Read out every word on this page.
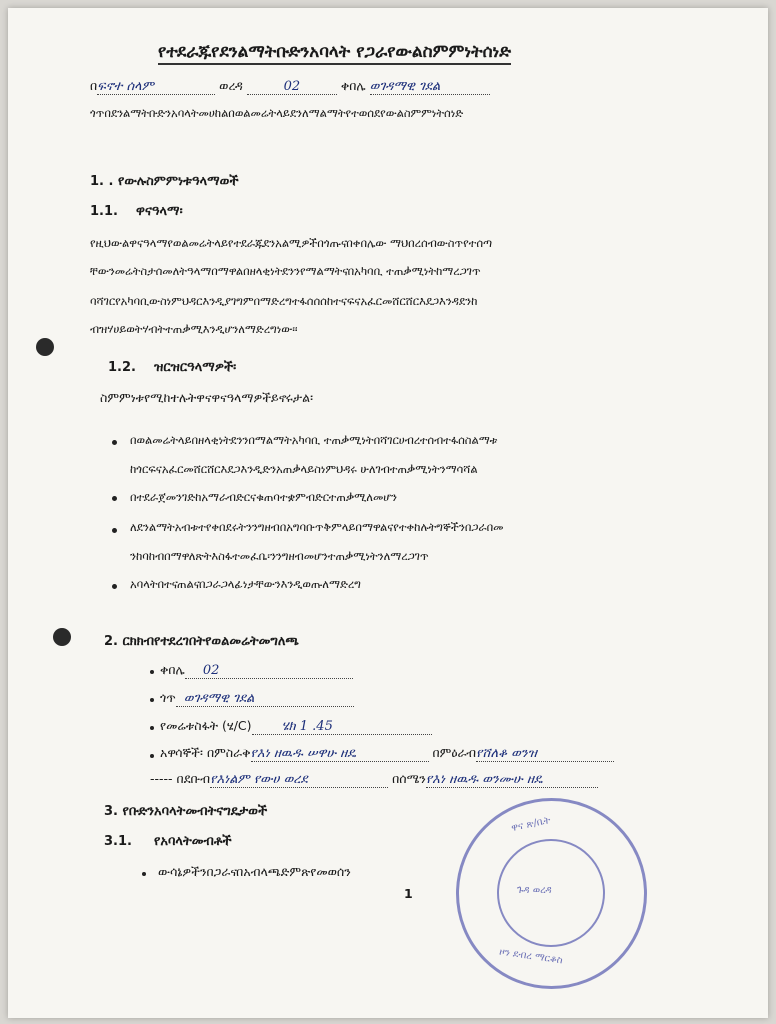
የተደራጁየደንልማትቡድንአባላት የጋራየውልስምምነትሰነድ
በፍኖተ ሰላም	ወረዳ	02	ቀበሌ ወገዳማዊ ገደል
ጎጥበደንልማትቡድንአባላትመሀከልበወልመሬትላይደንለማልማትየተወሰደየውልስምምነትሰነድ
1. . የውሉስምምነቱዓላማወች
1.1. ዋናዓላማ፡
የዚህውልዋናዓላማየወልመሬትላይየተደራጁደንአልሚዎችበጎጡናበቀበሌው ማህበረሰብውስጥየተሰጣ
ቸውንመሬትስታሰመለትዓላማበማዋልበዘላቂነትደንንየማልማትናበአካባቢ ተጠቃሚነትከማረጋገጥ
ባሻገርየአካባቢውስነምህዳርእንዲያገግምበማድረግተፋሰሰሰከተናፍናአፈርመሸርሸርእደጋእንዳደንከ
ብዝሃሀይወትሃብትተጠቃሚእንዲሆንለማድረግነው፡፡
1.2. ዝርዝርዓላማዎች፡
ስምምነቱየሚከተሉትዋናዋናዓላማዎችይኖሩታል፡
በወልመሬትላይበዘላቂነትደንንበማልማትአካባቢ ተጠቃሚነትበሻገርሀብረተሰብተፋሰስልማቱ
ከጎርፍናአፈርመሸርሸርእደጋእንዲድንአጠቃላይስነምህዳሩ ሁለገብተጠቃሚነትንማሳሻል
በተደራጀመንገድከአማራብድርናቁጠባተቋምብድርተጠቃሚለመሆን
ለደንልማትአብቱተየቀበደሩትንንግዘብበአግባቡጥቅምላይበማዋልናየተቀከሉትግኞችንበጋራበመ
ንከባከብበማዋለጽትእስፋተመፈቤ፡ንንግዘብመሆንተጠቃሚነትንለማረጋገጥ
አባላትበተናጠልናበጋራጋላፊነታቸውንእንዲወጡለማድረግ
2. ርክክብየተደረገበትየወልመሬትመግለጫ
ቀበሌ 02
ጎጥ ወገዳማዊ ገደል
የመሬቱስፋት (ሄ/C) ሄክ 1 .45
አዋሳኞች፡ በምስራቅየእነ ዘዉዱ ሠዋሁ ዘዴ	በምዕራብየሸለቆ ወንዝ
----- በደቡብየእነልም የውሀ ወረደ	በሰሜንየእነ ዘዉዱ ወንሙሁ ዘዴ
3. የቡድንአባላትመብትናግዴታወች
3.1. የአባላትመብቶች
ውሳኔዎችንበጋራናበአብላጫድምጽየመወሰን
1
ዋና ጽ/ቤት
ጉዳ ወረዳ
ዞን ደብረ ማርቆስ
